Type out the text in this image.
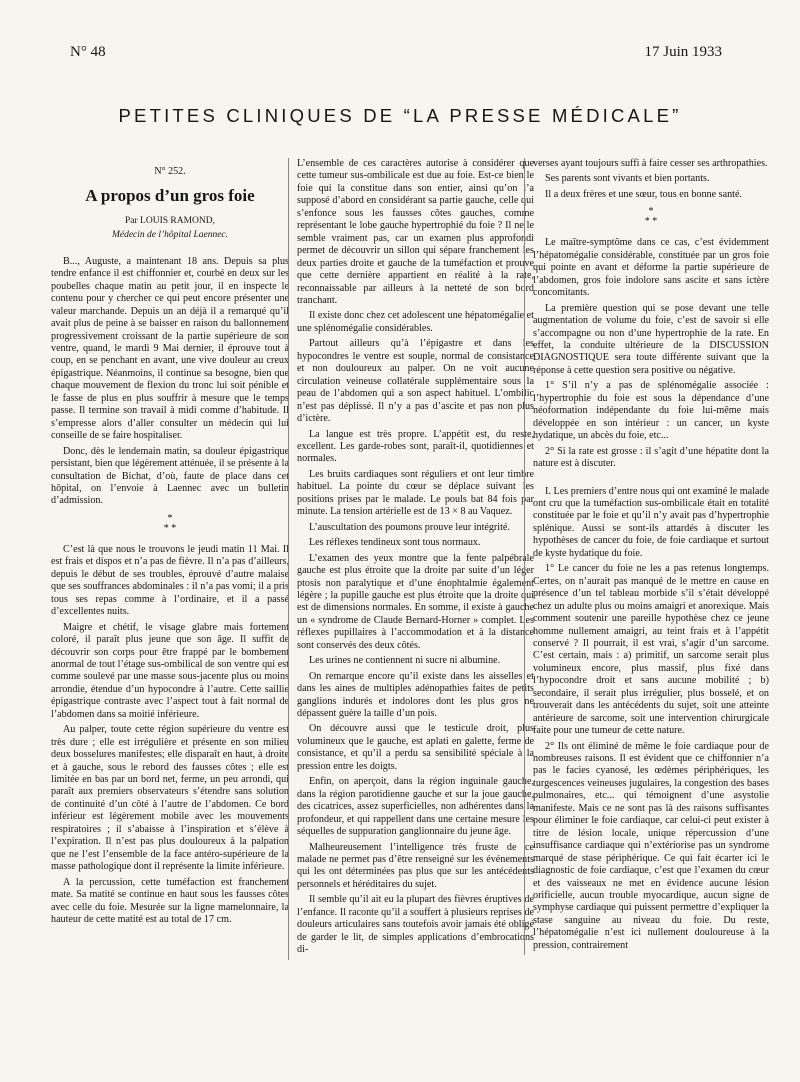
N° 48	17 Juin 1933
PETITES CLINIQUES DE “LA PRESSE MÉDICALE”
N° 252.
A propos d’un gros foie
Par LOUIS RAMOND,
Médecin de l’hôpital Laennec.

B..., Auguste, a maintenant 18 ans. Depuis sa plus tendre enfance il est chiffonnier et, courbé en deux sur les poubelles chaque matin au petit jour, il en inspecte le contenu pour y chercher ce qui peut encore présenter une valeur marchande. Depuis un an déjà il a remarqué qu’il avait plus de peine à se baisser en raison du ballonnement progressivement croissant de la partie supérieure de son ventre, quand, le mardi 9 Mai dernier, il éprouve tout à coup, en se penchant en avant, une vive douleur au creux épigastrique. Néanmoins, il continue sa besogne, bien que chaque mouvement de flexion du tronc lui soit pénible et le fasse de plus en plus souffrir à mesure que le temps passe. Il termine son travail à midi comme d’habitude. Il s’empresse alors d’aller consulter un médecin qui lui conseille de se faire hospitaliser.

Donc, dès le lendemain matin, sa douleur épigastrique persistant, bien que légèrement atténuée, il se présente à la consultation de Bichat, d’où, faute de place dans cet hôpital, on l’envoie à Laennec avec un bulletin d’admission.

*
* *

C’est là que nous le trouvons le jeudi matin 11 Mai. Il est frais et dispos et n’a pas de fièvre. Il n’a pas d’ailleurs, depuis le début de ses troubles, éprouvé d’autre malaise que ses souffrances abdominales : il n’a pas vomi; il a pris tous ses repas comme à l’ordinaire, et il a passé d’excellentes nuits.

Maigre et chétif, le visage glabre mais fortement coloré, il paraît plus jeune que son âge. Il suffit de découvrir son corps pour être frappé par le bombement anormal de tout l’étage sus-ombilical de son ventre qui est comme soulevé par une masse sous-jacente plus ou moins arrondie, étendue d’un hypocondre à l’autre. Cette saillie épigastrique contraste avec l’aspect tout à fait normal de l’abdomen dans sa moitié inférieure.

Au palper, toute cette région supérieure du ventre est très dure ; elle est irrégulière et présente en son milieu deux bosselures manifestes; elle disparaît en haut, à droite et à gauche, sous le rebord des fausses côtes ; elle est limitée en bas par un bord net, ferme, un peu arrondi, qui paraît aux premiers observateurs s’étendre sans solution de continuité d’un côté à l’autre de l’abdomen. Ce bord inférieur est légèrement mobile avec les mouvements respiratoires ; il s’abaisse à l’inspiration et s’élève à l’expiration. Il n’est pas plus douloureux à la palpation que ne l’est l’ensemble de la face antéro-supérieure de la masse pathologique dont il représente la limite inférieure.

A la percussion, cette tuméfaction est franchement mate. Sa matité se continue en haut sous les fausses côtes avec celle du foie. Mesurée sur la ligne mamelonnaire, la hauteur de cette matité est au total de 17 cm.

L’ensemble de ces caractères autorise à considérer que cette tumeur sus-ombilicale est due au foie. Est-ce bien le foie qui la constitue dans son entier, ainsi qu’on l’a supposé d’abord en considérant sa partie gauche, celle qui s’enfonce sous les fausses côtes gauches, comme représentant le lobe gauche hypertrophié du foie ? Il ne le semble vraiment pas, car un examen plus approfondi permet de découvrir un sillon qui sépare franchement les deux parties droite et gauche de la tuméfaction et prouve que cette dernière appartient en réalité à la rate, reconnaissable par ailleurs à la netteté de son bord tranchant.

Il existe donc chez cet adolescent une hépatomégalie et une splénomégalie considérables.

Partout ailleurs qu’à l’épigastre et dans les hypocondres le ventre est souple, normal de consistance et non douloureux au palper. On ne voit aucune circulation veineuse collatérale supplémentaire sous la peau de l’abdomen qui a son aspect habituel. L’ombilic n’est pas déplissé. Il n’y a pas d’ascite et pas non plus d’ictère.

La langue est très propre. L’appétit est, du reste, excellent. Les garde-robes sont, paraît-il, quotidiennes et normales.

Les bruits cardiaques sont réguliers et ont leur timbre habituel. La pointe du cœur se déplace suivant les positions prises par le malade. Le pouls bat 84 fois par minute. La tension artérielle est de 13 × 8 au Vaquez.

L’auscultation des poumons prouve leur intégrité.

Les réflexes tendineux sont tous normaux.

L’examen des yeux montre que la fente palpébrale gauche est plus étroite que la droite par suite d’un léger ptosis non paralytique et d’une énophtalmie également légère ; la pupille gauche est plus étroite que la droite qui est de dimensions normales. En somme, il existe à gauche un « syndrome de Claude Bernard-Horner » complet. Les réflexes pupillaires à l’accommodation et à la distance sont conservés des deux côtés.

Les urines ne contiennent ni sucre ni albumine.

On remarque encore qu’il existe dans les aisselles et dans les aines de multiples adénopathies faites de petits ganglions indurés et indolores dont les plus gros ne dépassent guère la taille d’un pois.

On découvre aussi que le testicule droit, plus volumineux que le gauche, est aplati en galette, ferme de consistance, et qu’il a perdu sa sensibilité spéciale à la pression entre les doigts.

Enfin, on aperçoit, dans la région inguinale gauche, dans la région parotidienne gauche et sur la joue gauche, des cicatrices, assez superficielles, non adhérentes dans la profondeur, et qui rappellent dans une certaine mesure les séquelles de suppuration ganglionnaire du jeune âge.

Malheureusement l’intelligence très fruste de ce malade ne permet pas d’être renseigné sur les événements qui les ont déterminées pas plus que sur les antécédents personnels et héréditaires du sujet.

Il semble qu’il ait eu la plupart des fièvres éruptives de l’enfance. Il raconte qu’il a souffert à plusieurs reprises de douleurs articulaires sans toutefois avoir jamais été obligé de garder le lit, de simples applications d’embrocations di-

verses ayant toujours suffi à faire cesser ses arthropathies.

Ses parents sont vivants et bien portants.

Il a deux frères et une sœur, tous en bonne santé.

*
* *

Le maître-symptôme dans ce cas, c’est évidemment l’hépatomégalie considérable, constituée par un gros foie qui pointe en avant et déforme la partie supérieure de l’abdomen, gros foie indolore sans ascite et sans ictère concomitants.

La première question qui se pose devant une telle augmentation de volume du foie, c’est de savoir si elle s’accompagne ou non d’une hypertrophie de la rate. En effet, la conduite ultérieure de la DISCUSSION DIAGNOSTIQUE sera toute différente suivant que la réponse à cette question sera positive ou négative.

1° S’il n’y a pas de splénomégalie associée : l’hypertrophie du foie est sous la dépendance d’une néoformation indépendante du foie lui-même mais développée en son intérieur : un cancer, un kyste hydatique, un abcès du foie, etc...

2° Si la rate est grosse : il s’agit d’une hépatite dont la nature est à discuter.

I. Les premiers d’entre nous qui ont examiné le malade ont cru que la tuméfaction sus-ombilicale était en totalité constituée par le foie et qu’il n’y avait pas d’hypertrophie splénique. Aussi se sont-ils attardés à discuter les hypothèses de cancer du foie, de foie cardiaque et surtout de kyste hydatique du foie.

1° Le cancer du foie ne les a pas retenus longtemps. Certes, on n’aurait pas manqué de le mettre en cause en présence d’un tel tableau morbide s’il s’était développé chez un adulte plus ou moins amaigri et anorexique. Mais comment soutenir une pareille hypothèse chez ce jeune homme nullement amaigri, au teint frais et à l’appétit conservé ? Il pourrait, il est vrai, s’agir d’un sarcome. C’est certain, mais : a) primitif, un sarcome serait plus volumineux encore, plus massif, plus fixé dans l’hypocondre droit et sans aucune mobilité ; b) secondaire, il serait plus irrégulier, plus bosselé, et on trouverait dans les antécédents du sujet, soit une atteinte antérieure de sarcome, soit une intervention chirurgicale faite pour une tumeur de cette nature.

2° Ils ont éliminé de même le foie cardiaque pour de nombreuses raisons. Il est évident que ce chiffonnier n’a pas le facies cyanosé, les œdèmes périphériques, les turgescences veineuses jugulaires, la congestion des bases pulmonaires, etc... qui témoignent d’une asystolie manifeste. Mais ce ne sont pas là des raisons suffisantes pour éliminer le foie cardiaque, car celui-ci peut exister à titre de lésion locale, unique répercussion d’une insuffisance cardiaque qui n’extériorise pas un syndrome marqué de stase périphérique. Ce qui fait écarter ici le diagnostic de foie cardiaque, c’est que l’examen du cœur et des vaisseaux ne met en évidence aucune lésion orificielle, aucun trouble myocardique, aucun signe de symphyse cardiaque qui puissent permettre d’expliquer la stase sanguine au niveau du foie. Du reste, l’hépatomégalie n’est ici nullement douloureuse à la pression, contrairement
